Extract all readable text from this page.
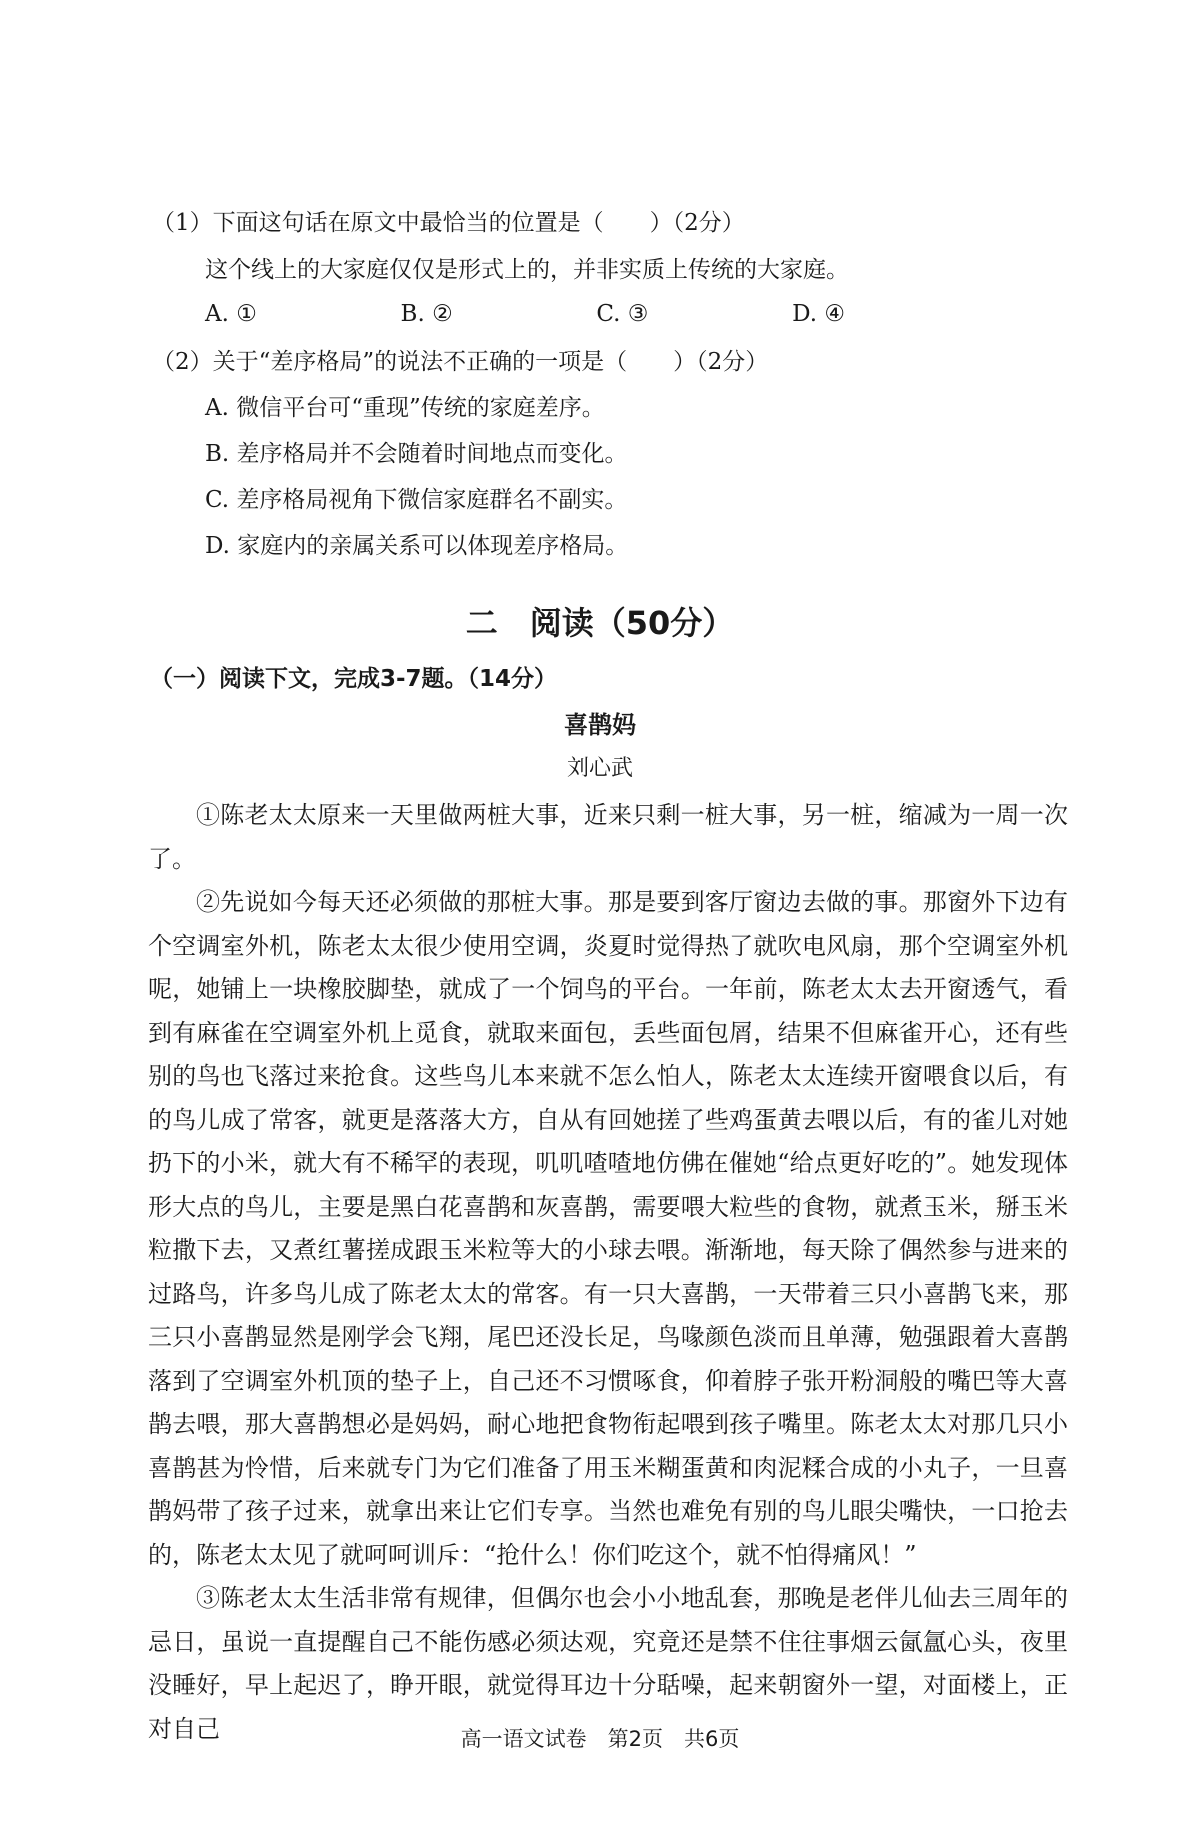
（1）下面这句话在原文中最恰当的位置是（　　）（2分）
这个线上的大家庭仅仅是形式上的，并非实质上传统的大家庭。
A. ①	B. ②	C. ③	D. ④
（2）关于“差序格局”的说法不正确的一项是（　　）（2分）
A. 微信平台可“重现”传统的家庭差序。
B. 差序格局并不会随着时间地点而变化。
C. 差序格局视角下微信家庭群名不副实。
D. 家庭内的亲属关系可以体现差序格局。
二　阅读（50分）
（一）阅读下文，完成3-7题。（14分）
喜鹊妈
刘心武

①陈老太太原来一天里做两桩大事，近来只剩一桩大事，另一桩，缩减为一周一次了。

②先说如今每天还必须做的那桩大事。那是要到客厅窗边去做的事。那窗外下边有个空调室外机，陈老太太很少使用空调，炎夏时觉得热了就吹电风扇，那个空调室外机呢，她铺上一块橡胶脚垫，就成了一个饲鸟的平台。一年前，陈老太太去开窗透气，看到有麻雀在空调室外机上觅食，就取来面包，丢些面包屑，结果不但麻雀开心，还有些别的鸟也飞落过来抢食。这些鸟儿本来就不怎么怕人，陈老太太连续开窗喂食以后，有的鸟儿成了常客，就更是落落大方，自从有回她搓了些鸡蛋黄去喂以后，有的雀儿对她扔下的小米，就大有不稀罕的表现，叽叽喳喳地仿佛在催她“给点更好吃的”。她发现体形大点的鸟儿，主要是黑白花喜鹊和灰喜鹊，需要喂大粒些的食物，就煮玉米，掰玉米粒撒下去，又煮红薯搓成跟玉米粒等大的小球去喂。渐渐地，每天除了偶然参与进来的过路鸟，许多鸟儿成了陈老太太的常客。有一只大喜鹊，一天带着三只小喜鹊飞来，那三只小喜鹊显然是刚学会飞翔，尾巴还没长足，鸟喙颜色淡而且单薄，勉强跟着大喜鹊落到了空调室外机顶的垫子上，自己还不习惯啄食，仰着脖子张开粉洞般的嘴巴等大喜鹊去喂，那大喜鹊想必是妈妈，耐心地把食物衔起喂到孩子嘴里。陈老太太对那几只小喜鹊甚为怜惜，后来就专门为它们准备了用玉米糊蛋黄和肉泥糅合成的小丸子，一旦喜鹊妈带了孩子过来，就拿出来让它们专享。当然也难免有别的鸟儿眼尖嘴快，一口抢去的，陈老太太见了就呵呵训斥：“抢什么！你们吃这个，就不怕得痛风！”

③陈老太太生活非常有规律，但偶尔也会小小地乱套，那晚是老伴儿仙去三周年的忌日，虽说一直提醒自己不能伤感必须达观，究竟还是禁不住往事烟云氤氲心头，夜里没睡好，早上起迟了，睁开眼，就觉得耳边十分聒噪，起来朝窗外一望，对面楼上，正对自己	高一语文试卷　第2页　共6页
